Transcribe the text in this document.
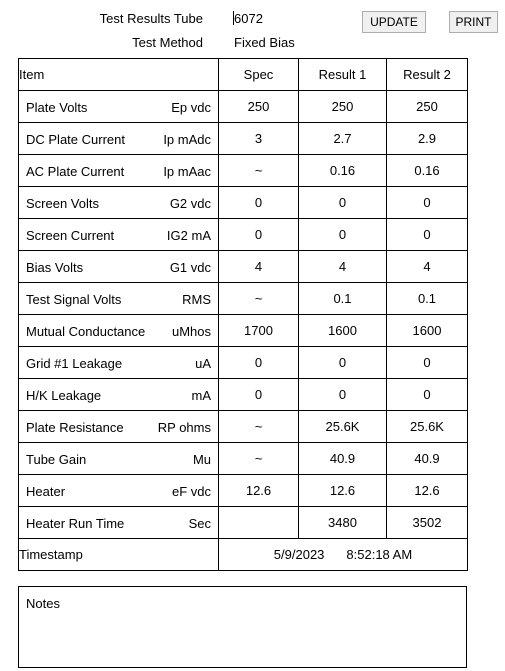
Test Results Tube
6072
Test Method Fixed Bias
UPDATE	PRINT
Item	Spec	Result 1	Result 2

Plate Volts Ep vdc	250	250	250

DC Plate Current Ip mAdc	3	2.7	2.9

AC Plate Current Ip mAac	~	0.16	0.16

Screen Volts G2 vdc	0	0	0

Screen Current IG2 mA	0	0	0

Bias Volts G1 vdc	4	4	4

Test Signal Volts RMS	~	0.1	0.1

Mutual Conductance uMhos	1700	1600	1600

Grid #1 Leakage uA	0	0	0

H/K Leakage mA	0	0	0

Plate Resistance RP ohms	~	25.6K	25.6K

Tube Gain Mu	~	40.9	40.9

Heater eF vdc	12.6	12.6	12.6

Heater Run Time Sec		3480	3502
Timestamp	5/9/2023 8:52:18 AM		
Notes
